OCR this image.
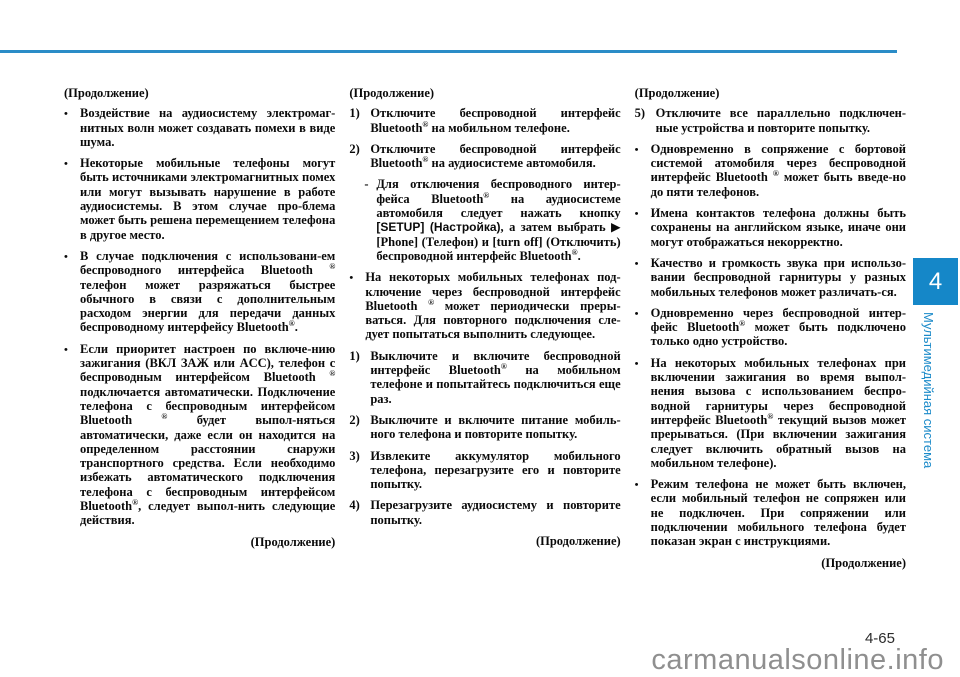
(Продолжение)

• Воздействие на аудиосистему электромаг-нитных волн может создавать помехи в виде шума.

• Некоторые мобильные телефоны могут быть источниками электромагнитных помех или могут вызывать нарушение в работе аудиосистемы. В этом случае про-блема может быть решена перемещением телефона в другое место.

• В случае подключения с использовани-ем беспроводного интерфейса Bluetooth ® телефон может разряжаться быстрее обычного в связи с дополнительным расходом энергии для передачи данных беспроводному интерфейсу Bluetooth®.

• Если приоритет настроен по включе-нию зажигания (ВКЛ ЗАЖ или ACC), телефон с беспроводным интерфейсом Bluetooth ® подключается автоматически. Подключение телефона с беспроводным интерфейсом Bluetooth ® будет выпол-няться автоматически, даже если он находится на определенном расстоянии снаружи транспортного средства. Если необходимо избежать автоматического подключения телефона с беспроводным интерфейсом Bluetooth®, следует выпол-нить следующие действия.

(Продолжение)

(Продолжение)

1) Отключите беспроводной интерфейс Bluetooth® на мобильном телефоне.

2) Отключите беспроводной интерфейс Bluetooth® на аудиосистеме автомобиля.

- Для отключения беспроводного интер-фейса Bluetooth® на аудиосистеме автомобиля следует нажать кнопку [SETUP] (Настройка), а затем выбрать ▶ [Phone] (Телефон) и [turn off] (Отключить) беспроводной интерфейс Bluetooth®.

• На некоторых мобильных телефонах под-ключение через беспроводной интерфейс Bluetooth ® может периодически преры-ваться. Для повторного подключения сле-дует попытаться выполнить следующее.

1) Выключите и включите беспроводной интерфейс Bluetooth® на мобильном телефоне и попытайтесь подключиться еще раз.

2) Выключите и включите питание мобиль-ного телефона и повторите попытку.

3) Извлеките аккумулятор мобильного телефона, перезагрузите его и повторите попытку.

4) Перезагрузите аудиосистему и повторите попытку.

(Продолжение)

(Продолжение)

5) Отключите все параллельно подключен-ные устройства и повторите попытку.

• Одновременно в сопряжение с бортовой системой атомобиля через беспроводной интерфейс Bluetooth ® может быть введе-но до пяти телефонов.

• Имена контактов телефона должны быть сохранены на английском языке, иначе они могут отображаться некорректно.

• Качество и громкость звука при использо-вании беспроводной гарнитуры у разных мобильных телефонов может различать-ся.

• Одновременно через беспроводной интер-фейс Bluetooth® может быть подключено только одно устройство.

• На некоторых мобильных телефонах при включении зажигания во время выпол-нения вызова с использованием беспро-водной гарнитуры через беспроводной интерфейс Bluetooth® текущий вызов может прерываться. (При включении зажигания следует включить обратный вызов на мобильном телефоне).

• Режим телефона не может быть включен, если мобильный телефон не сопряжен или не подключен. При сопряжении или подключении мобильного телефона будет показан экран с инструкциями.

(Продолжение)

4
Мультимедийная система
4-65
carmanualsonline.info
